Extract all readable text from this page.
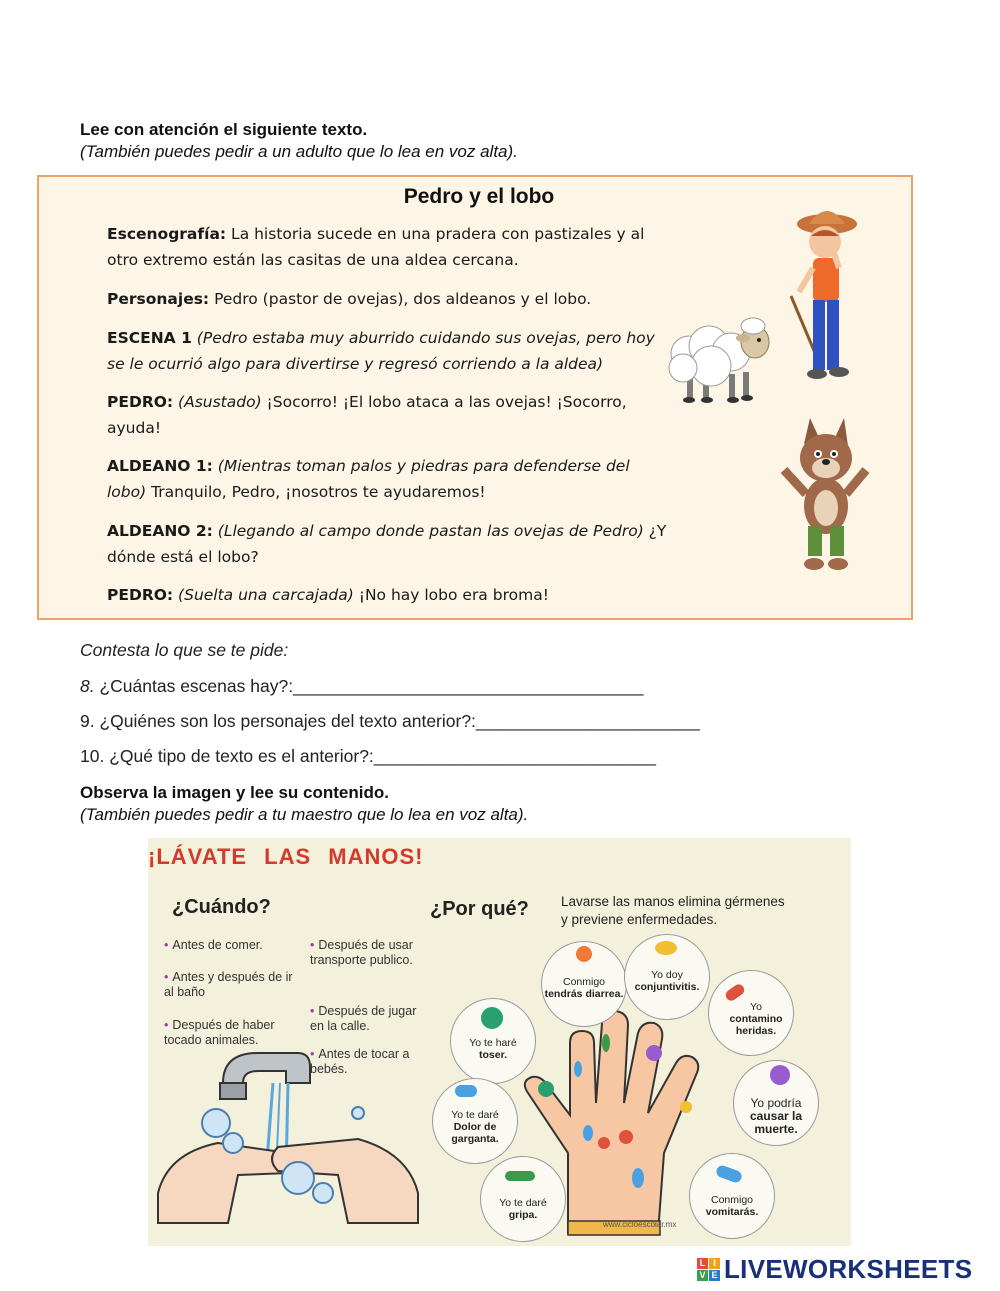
Lee con atención el siguiente texto.
(También puedes pedir a un adulto que lo lea en voz alta).
Pedro y el lobo
Escenografía: La historia sucede en una pradera con pastizales y al otro extremo están las casitas de una aldea cercana.
Personajes: Pedro (pastor de ovejas), dos aldeanos y el lobo.
ESCENA 1 (Pedro estaba muy aburrido cuidando sus ovejas, pero hoy se le ocurrió algo para divertirse y regresó corriendo a la aldea)
PEDRO: (Asustado) ¡Socorro! ¡El lobo ataca a las ovejas! ¡Socorro, ayuda!
ALDEANO 1: (Mientras toman palos y piedras para defenderse del lobo) Tranquilo, Pedro, ¡nosotros te ayudaremos!
ALDEANO 2: (Llegando al campo donde pastan las ovejas de Pedro) ¿Y dónde está el lobo?
PEDRO: (Suelta una carcajada) ¡No hay lobo era broma!
Contesta lo que se te pide:
8. ¿Cuántas escenas hay?:____________________________________
9. ¿Quiénes son los personajes del texto anterior?:_______________________
10. ¿Qué tipo de texto es el anterior?:_____________________________
Observa la imagen y lee su contenido.
(También puedes pedir a tu maestro que lo lea en voz alta).
¡LÁVATE LAS MANOS!
¿Cuándo?	¿Por qué? Lavarse las manos elimina gérmenes
y previene enfermedades.
• Antes de comer.
• Antes y después de ir al baño
• Después de haber tocado animales.
• Después de usar transporte publico.
• Después de jugar en la calle.
• Antes de tocar a bebés.
www.cicloescolar.mx
Conmigo
tendrás diarrea.
Yo doy
conjuntivitis.
Yo
contamino heridas.
Yo te haré
toser.
Yo podría
causar la muerte.
Yo te daré
Dolor de garganta.
Yo te daré
gripa.
Conmigo
vomitarás.
L I
V E LIVEWORKSHEETS
